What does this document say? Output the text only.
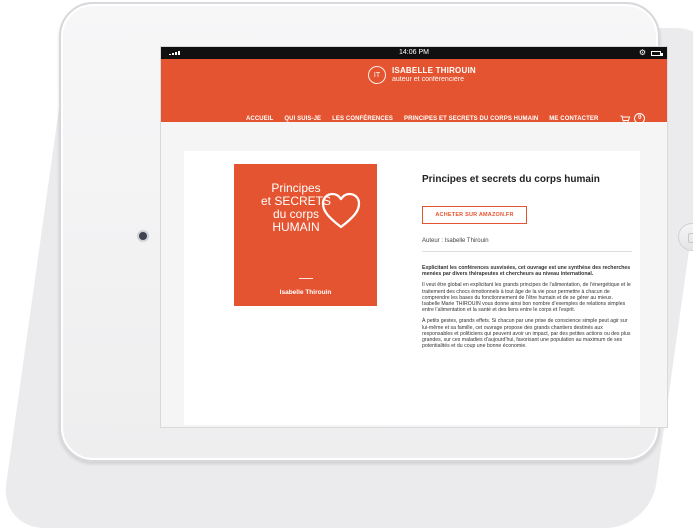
14:06 PM	⚙
IT	ISABELLE THIROUIN
auteur et conférencière
ACCUEIL QUI SUIS-JE LES CONFÉRENCES PRINCIPES ET SECRETS DU CORPS HUMAIN ME CONTACTER	0
Principes
et SECRETS
du corps
HUMAIN
Isabelle Thirouin
Principes et secrets du corps humain
ACHETER SUR AMAZON.FR
Auteur : Isabelle Thirouin

Explicitant les conférences susvisées, cet ouvrage est une synthèse des recherches menées par divers thérapeutes et chercheurs au niveau international.

Il veut être global en explicitant les grands principes de l’alimentation, de l’énergétique et le traitement des chocs émotionnels à tout âge de la vie pour permettre à chacun de comprendre les bases du fonctionnement de l’être humain et de se gérer au mieux. Isabelle Marie THIROUIN vous donne ainsi bon nombre d’exemples de relations simples entre l’alimentation et la santé et des liens entre le corps et l’esprit.

À petits gestes, grands effets. Si chacun par une prise de conscience simple peut agir sur lui-même et sa famille, cet ouvrage propose des grands chantiers destinés aux responsables et politiciens qui peuvent avoir un impact, par des petites actions ou des plus grandes, sur ces maladies d’aujourd’hui, favorisant une population au maximum de ses potentialités et du coup une bonne économie.
